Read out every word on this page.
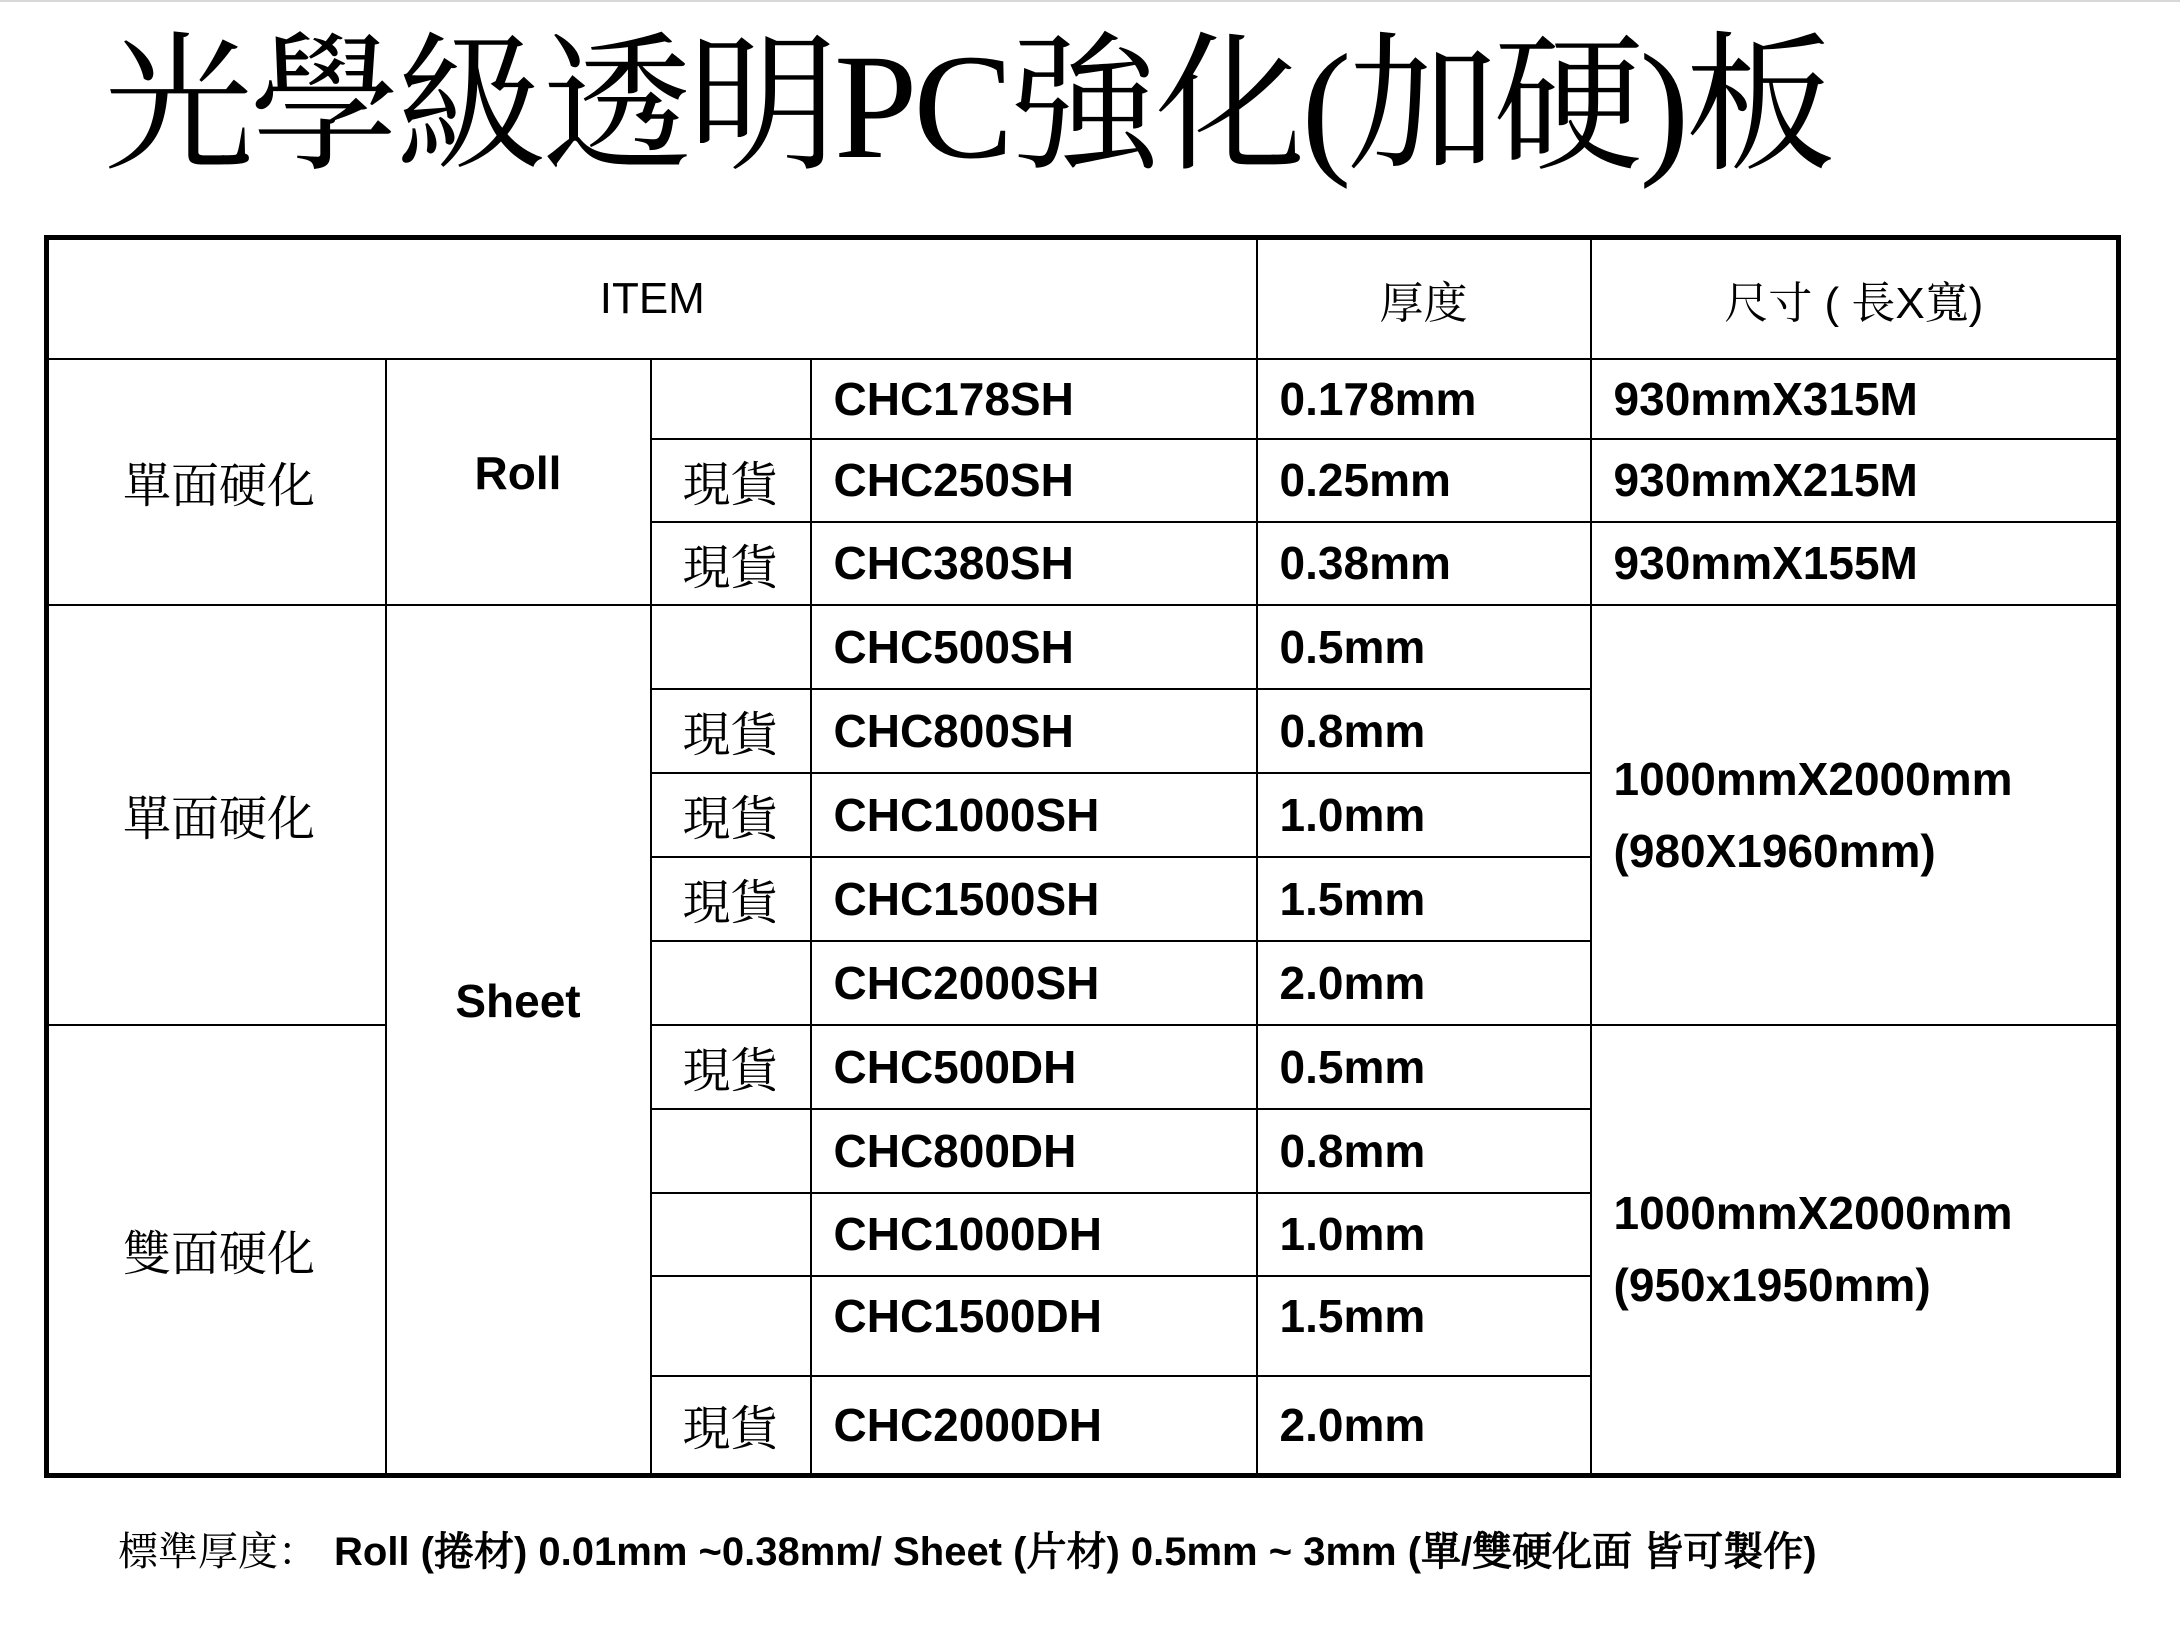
光學級透明PC強化(加硬)板
ITEM				厚度	尺寸 ( 長X寬)
單面硬化	Roll		CHC178SH	0.178mm	930mmX315M
		現貨	CHC250SH	0.25mm	930mmX215M
		現貨	CHC380SH	0.38mm	930mmX155M
單面硬化	Sheet		CHC500SH	0.5mm	1000mmX2000mm
(980X1960mm)

		現貨	CHC800SH	0.8mm	
		現貨	CHC1000SH	1.0mm	
		現貨	CHC1500SH	1.5mm	
			CHC2000SH	2.0mm	
雙面硬化		現貨	CHC500DH	0.5mm	1000mmX2000mm
(950x1950mm)

			CHC800DH	0.8mm	
			CHC1000DH	1.0mm	
			CHC1500DH	1.5mm	
		現貨	CHC2000DH	2.0mm	
標準厚度： Roll (捲材) 0.01mm ~0.38mm/ Sheet (片材) 0.5mm ~ 3mm (單/雙硬化面 皆可製作)
